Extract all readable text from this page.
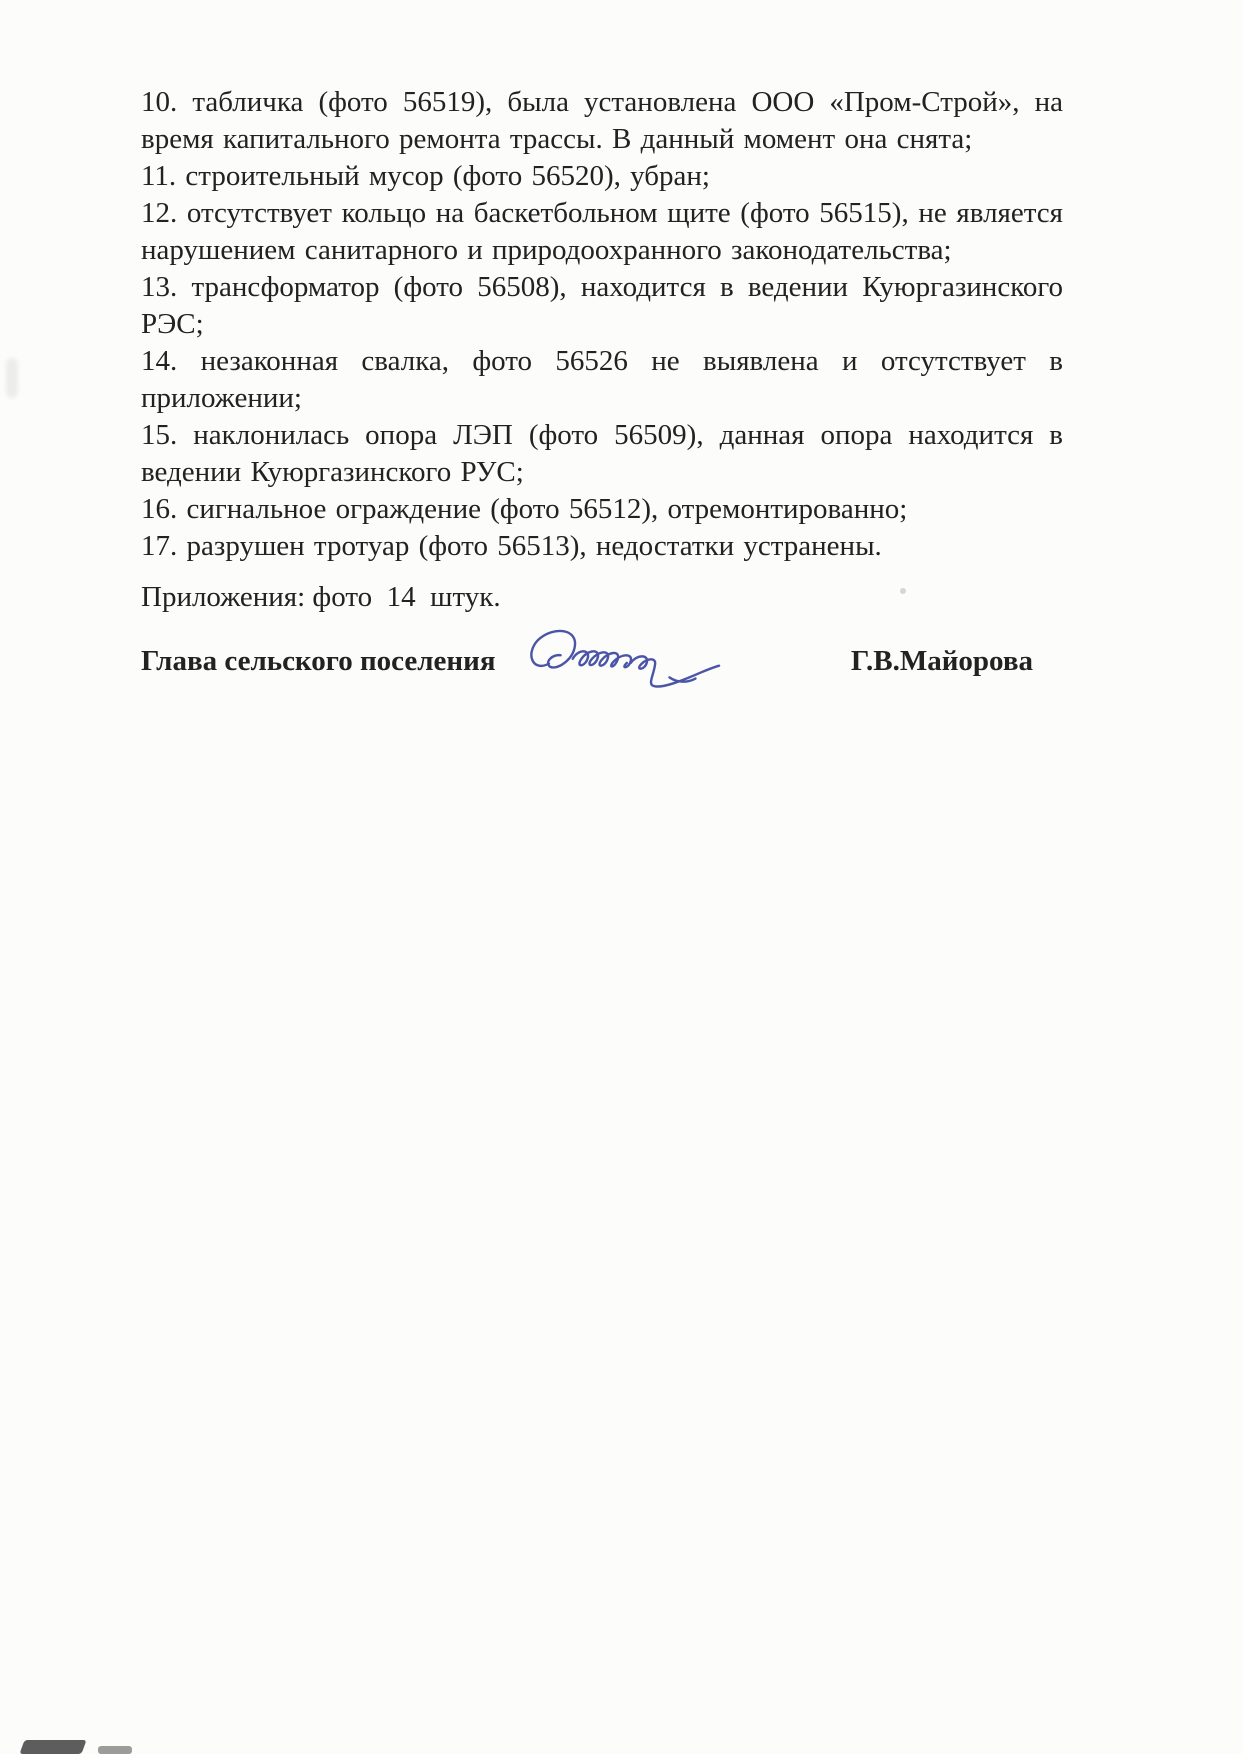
10. табличка (фото 56519), была установлена ООО «Пром-Строй», на время капитального ремонта трассы. В данный момент она снята;

11. строительный мусор (фото 56520), убран;

12. отсутствует кольцо на баскетбольном щите (фото 56515), не является нарушением санитарного и природоохранного законодательства;

13. трансформатор (фото 56508), находится в ведении Куюргазинского РЭС;

14. незаконная свалка, фото 56526 не выявлена и отсутствует в приложении;

15. наклонилась опора ЛЭП (фото 56509), данная опора находится в ведении Куюргазинского РУС;

16. сигнальное ограждение (фото 56512), отремонтированно;

17. разрушен тротуар (фото 56513), недостатки устранены.

Приложения: фото  14  штук.

Глава сельского поселения	Г.В.Майорова
